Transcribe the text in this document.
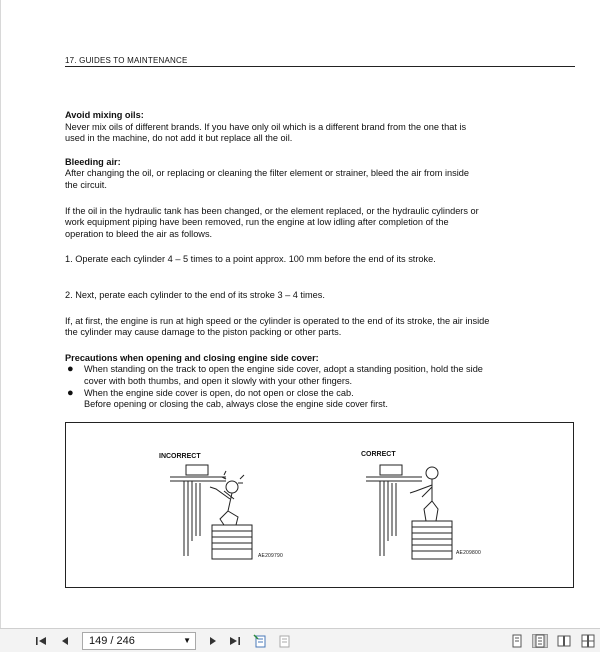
17. GUIDES TO MAINTENANCE

Avoid mixing oils:

Never mix oils of different brands. If you have only oil which is a different brand from the one that is

used in the machine, do not add it but replace all the oil.

Bleeding air:

After changing the oil, or replacing or cleaning the filter element or strainer, bleed the air from inside

the circuit.

If the oil in the hydraulic tank has been changed, or the element replaced, or the hydraulic cylinders or

work equipment piping have been removed, run the engine at low idling after completion of the

operation to bleed the air as follows.

1. Operate each cylinder 4 – 5 times to a point approx. 100 mm before the end of its stroke.

2. Next, perate each cylinder to the end of its stroke 3 – 4 times.

If, at first, the engine is run at high speed or the cylinder is operated to the end of its stroke, the air inside

the cylinder may cause damage to the piston packing or other parts.

Precautions when opening and closing engine side cover:

● When standing on the track to open the engine side cover, adopt a standing position, hold the side

cover with both thumbs, and open it slowly with your other fingers.

● When the engine side cover is open, do not open or close the cab.

Before opening or closing the cab, always close the engine side cover first.

INCORRECT	CORRECT
AE209790	AE209800
149 / 246	▼
